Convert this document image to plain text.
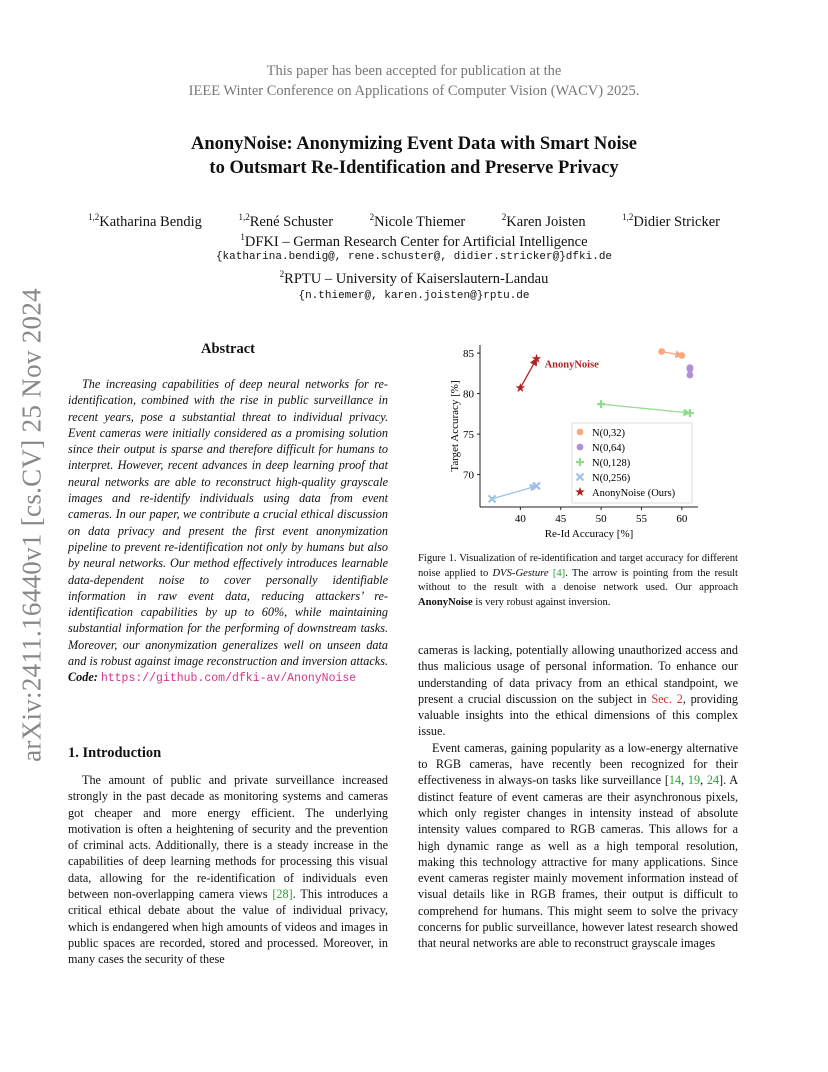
arXiv:2411.16440v1 [cs.CV] 25 Nov 2024
This paper has been accepted for publication at the
IEEE Winter Conference on Applications of Computer Vision (WACV) 2025.
AnonyNoise: Anonymizing Event Data with Smart Noise
to Outsmart Re-Identification and Preserve Privacy
$^{1,2}$Katharina Bendig	$^{1,2}$René Schuster	$^2$Nicole Thiemer	$^2$Karen Joisten	$^{1,2}$Didier Stricker
$^1$DFKI – German Research Center for Artificial Intelligence
{katharina.bendig@, rene.schuster@, didier.stricker@}dfki.de
$^2$RPTU – University of Kaiserslautern-Landau
{n.thiemer@, karen.joisten@}rptu.de
Abstract

The increasing capabilities of deep neural networks for re-identification, combined with the rise in public surveillance in recent years, pose a substantial threat to individual privacy. Event cameras were initially considered as a promising solution since their output is sparse and therefore difficult for humans to interpret. However, recent advances in deep learning proof that neural networks are able to reconstruct high-quality grayscale images and re-identify individuals using data from event cameras. In our paper, we contribute a crucial ethical discussion on data privacy and present the first event anonymization pipeline to prevent re-identification not only by humans but also by neural networks. Our method effectively introduces learnable data-dependent noise to cover personally identifiable information in raw event data, reducing attackers’ re-identification capabilities by up to 60%, while maintaining substantial information for the performing of downstream tasks. Moreover, our anonymization generalizes well on unseen data and is robust against image reconstruction and inversion attacks. Code: https://github.com/dfki-av/AnonyNoise

1. Introduction

The amount of public and private surveillance increased strongly in the past decade as monitoring systems and cameras got cheaper and more energy efficient. The underlying motivation is often a heightening of security and the prevention of criminal acts. Additionally, there is a steady increase in the capabilities of deep learning methods for processing this visual data, allowing for the re-identification of individuals even between non-overlapping camera views [28]. This introduces a critical ethical debate about the value of individual privacy, which is endangered when high amounts of videos and images in public spaces are recorded, stored and processed. Moreover, in many cases the security of these

40	45	50	55	60
70
75
80
85
Re-Id Accuracy [%]
Target Accuracy [%]
AnonyNoise
N(0,32)
N(0,64)
N(0,128)
N(0,256)
AnonyNoise (Ours)
Figure 1. Visualization of re-identification and target accuracy for different noise applied to DVS-Gesture [4]. The arrow is pointing from the result without to the result with a denoise network used. Our approach AnonyNoise is very robust against inversion.

cameras is lacking, potentially allowing unauthorized access and thus malicious usage of personal information. To enhance our understanding of data privacy from an ethical standpoint, we present a crucial discussion on the subject in Sec. 2, providing valuable insights into the ethical dimensions of this complex issue.

Event cameras, gaining popularity as a low-energy alternative to RGB cameras, have recently been recognized for their effectiveness in always-on tasks like surveillance [14, 19, 24]. A distinct feature of event cameras are their asynchronous pixels, which only register changes in intensity instead of absolute intensity values compared to RGB cameras. This allows for a high dynamic range as well as a high temporal resolution, making this technology attractive for many applications. Since event cameras register mainly movement information instead of visual details like in RGB frames, their output is difficult to comprehend for humans. This might seem to solve the privacy concerns for public surveillance, however latest research showed that neural networks are able to reconstruct grayscale images
